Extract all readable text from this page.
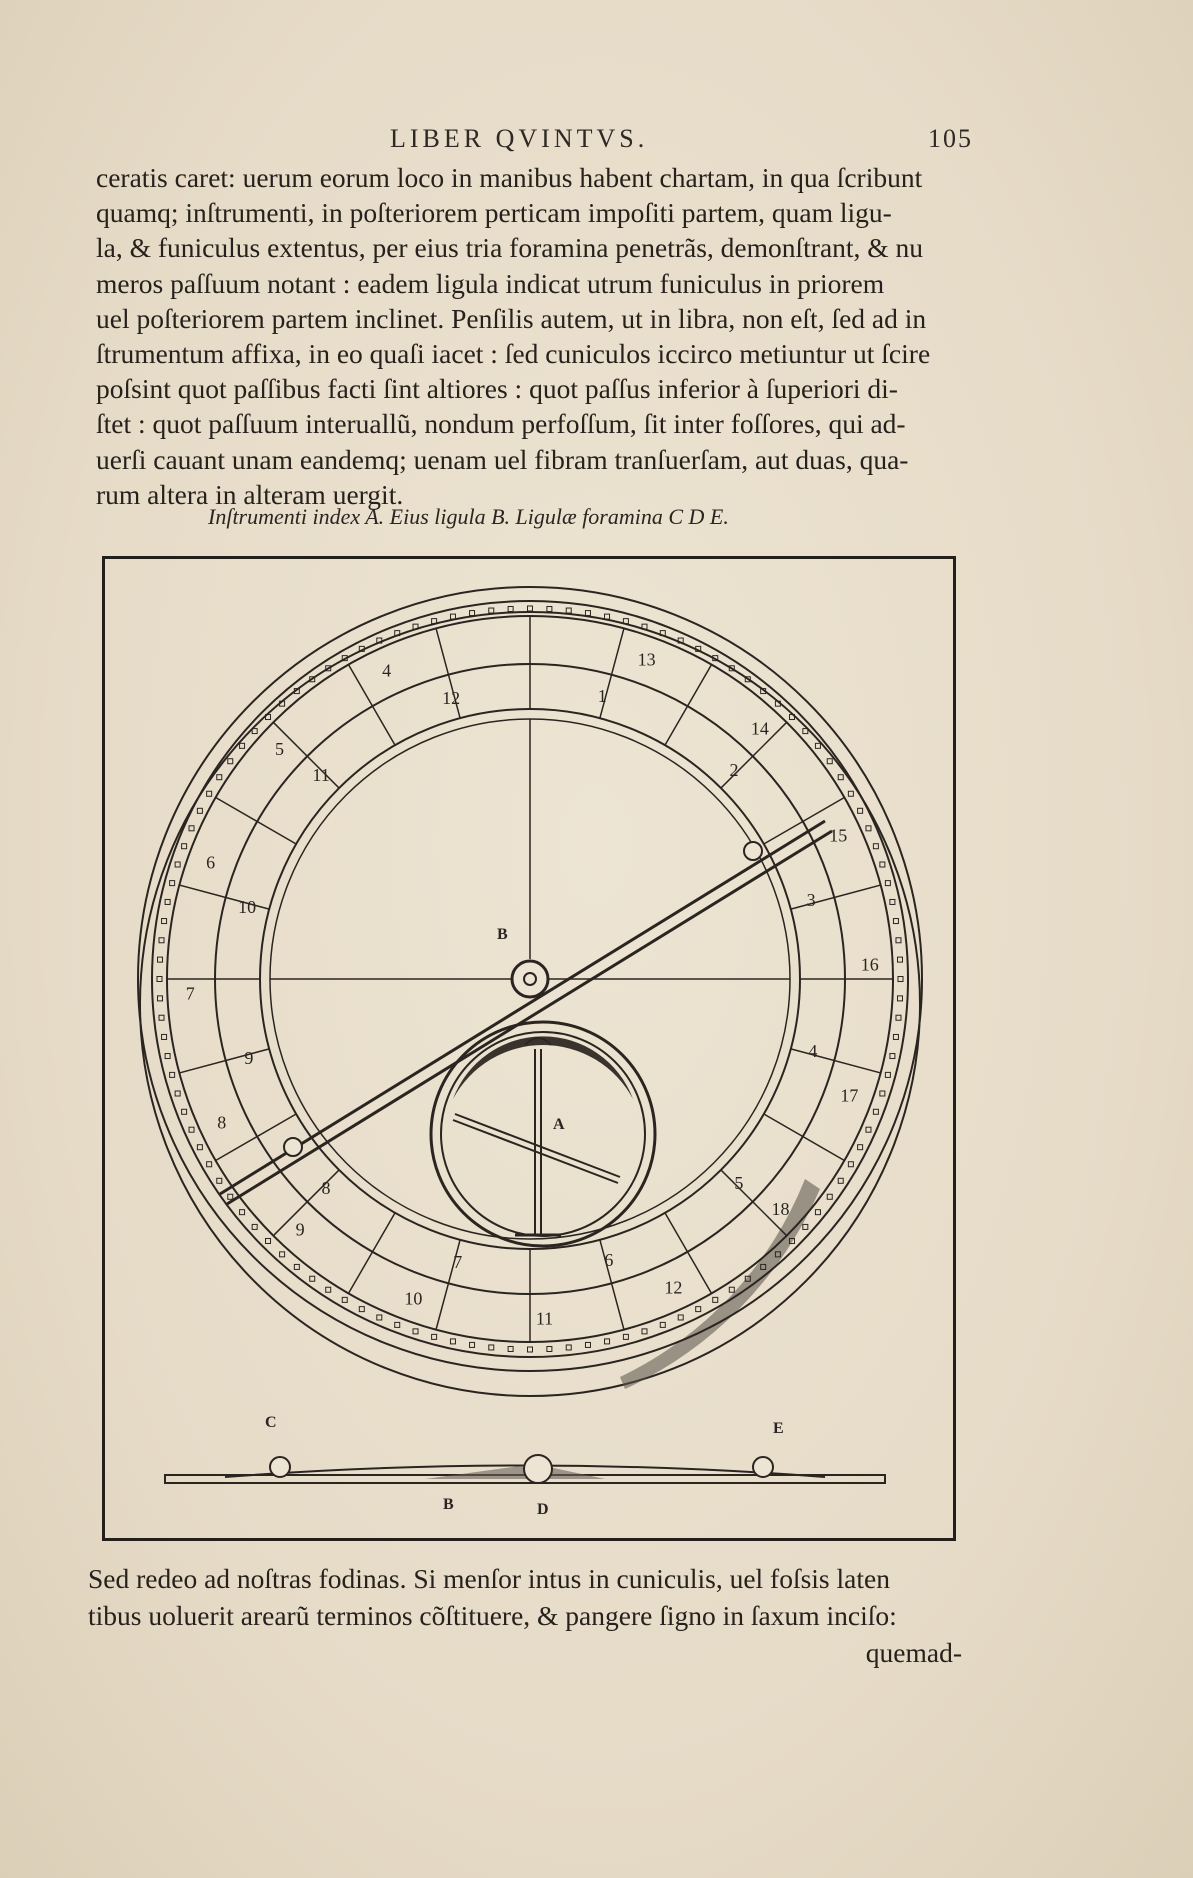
LIBER QVINTVS.	105
ceratis caret: uerum eorum loco in manibus habent chartam, in qua ſcribunt
quamq; inſtrumenti, in poſteriorem perticam impoſiti partem, quam ligu-
la, & funiculus extentus, per eius tria foramina penetrãs, demonſtrant, & nu
meros paſſuum notant : eadem ligula indicat utrum funiculus in priorem
uel poſteriorem partem inclinet. Penſilis autem, ut in libra, non eſt, ſed ad in
ſtrumentum affixa, in eo quaſi iacet : ſed cuniculos iccirco metiuntur ut ſcire
poſsint quot paſſibus facti ſint altiores : quot paſſus inferior à ſuperiori di-
ſtet : quot paſſuum interuallũ, nondum perfoſſum, ſit inter foſſores, qui ad-
uerſi cauant unam eandemq; uenam uel fibram tranſuerſam, aut duas, qua-
rum altera in alteram uergit.
Inſtrumenti index A. Eius ligula B. Ligulæ foramina C D E.
13
14
15
16
17
18
12
11
10
9
8
7
6
5
4
1
2
3
4
5
6
7
8
9
10
11
12
A
B
C	E
B	D
Sed redeo ad noſtras fodinas. Si menſor intus in cuniculis, uel foſsis laten
tibus uoluerit arearũ terminos cõſtituere, & pangere ſigno in ſaxum inciſo:
quemad-
